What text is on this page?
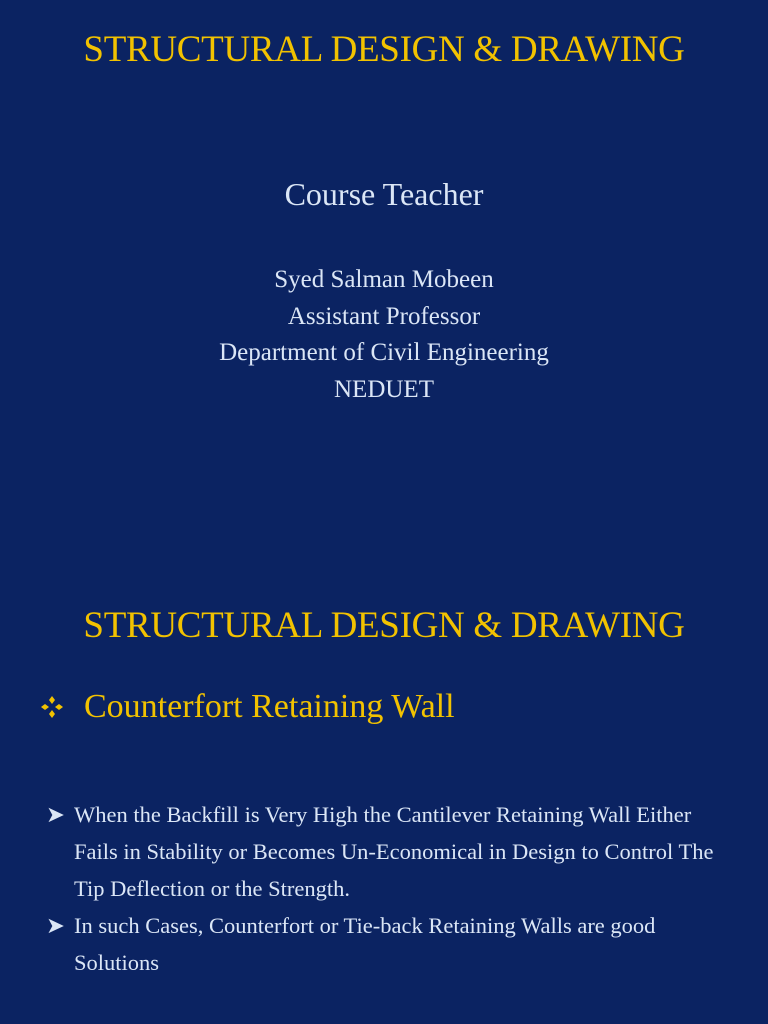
STRUCTURAL DESIGN & DRAWING
Course Teacher
Syed Salman Mobeen
Assistant Professor
Department of Civil Engineering
NEDUET
STRUCTURAL DESIGN & DRAWING
Counterfort Retaining Wall
➤ When the Backfill is Very High the Cantilever Retaining Wall Either Fails in Stability or Becomes Un-Economical in Design to Control The Tip Deflection or the Strength.
➤ In such Cases, Counterfort or Tie-back Retaining Walls are good Solutions
